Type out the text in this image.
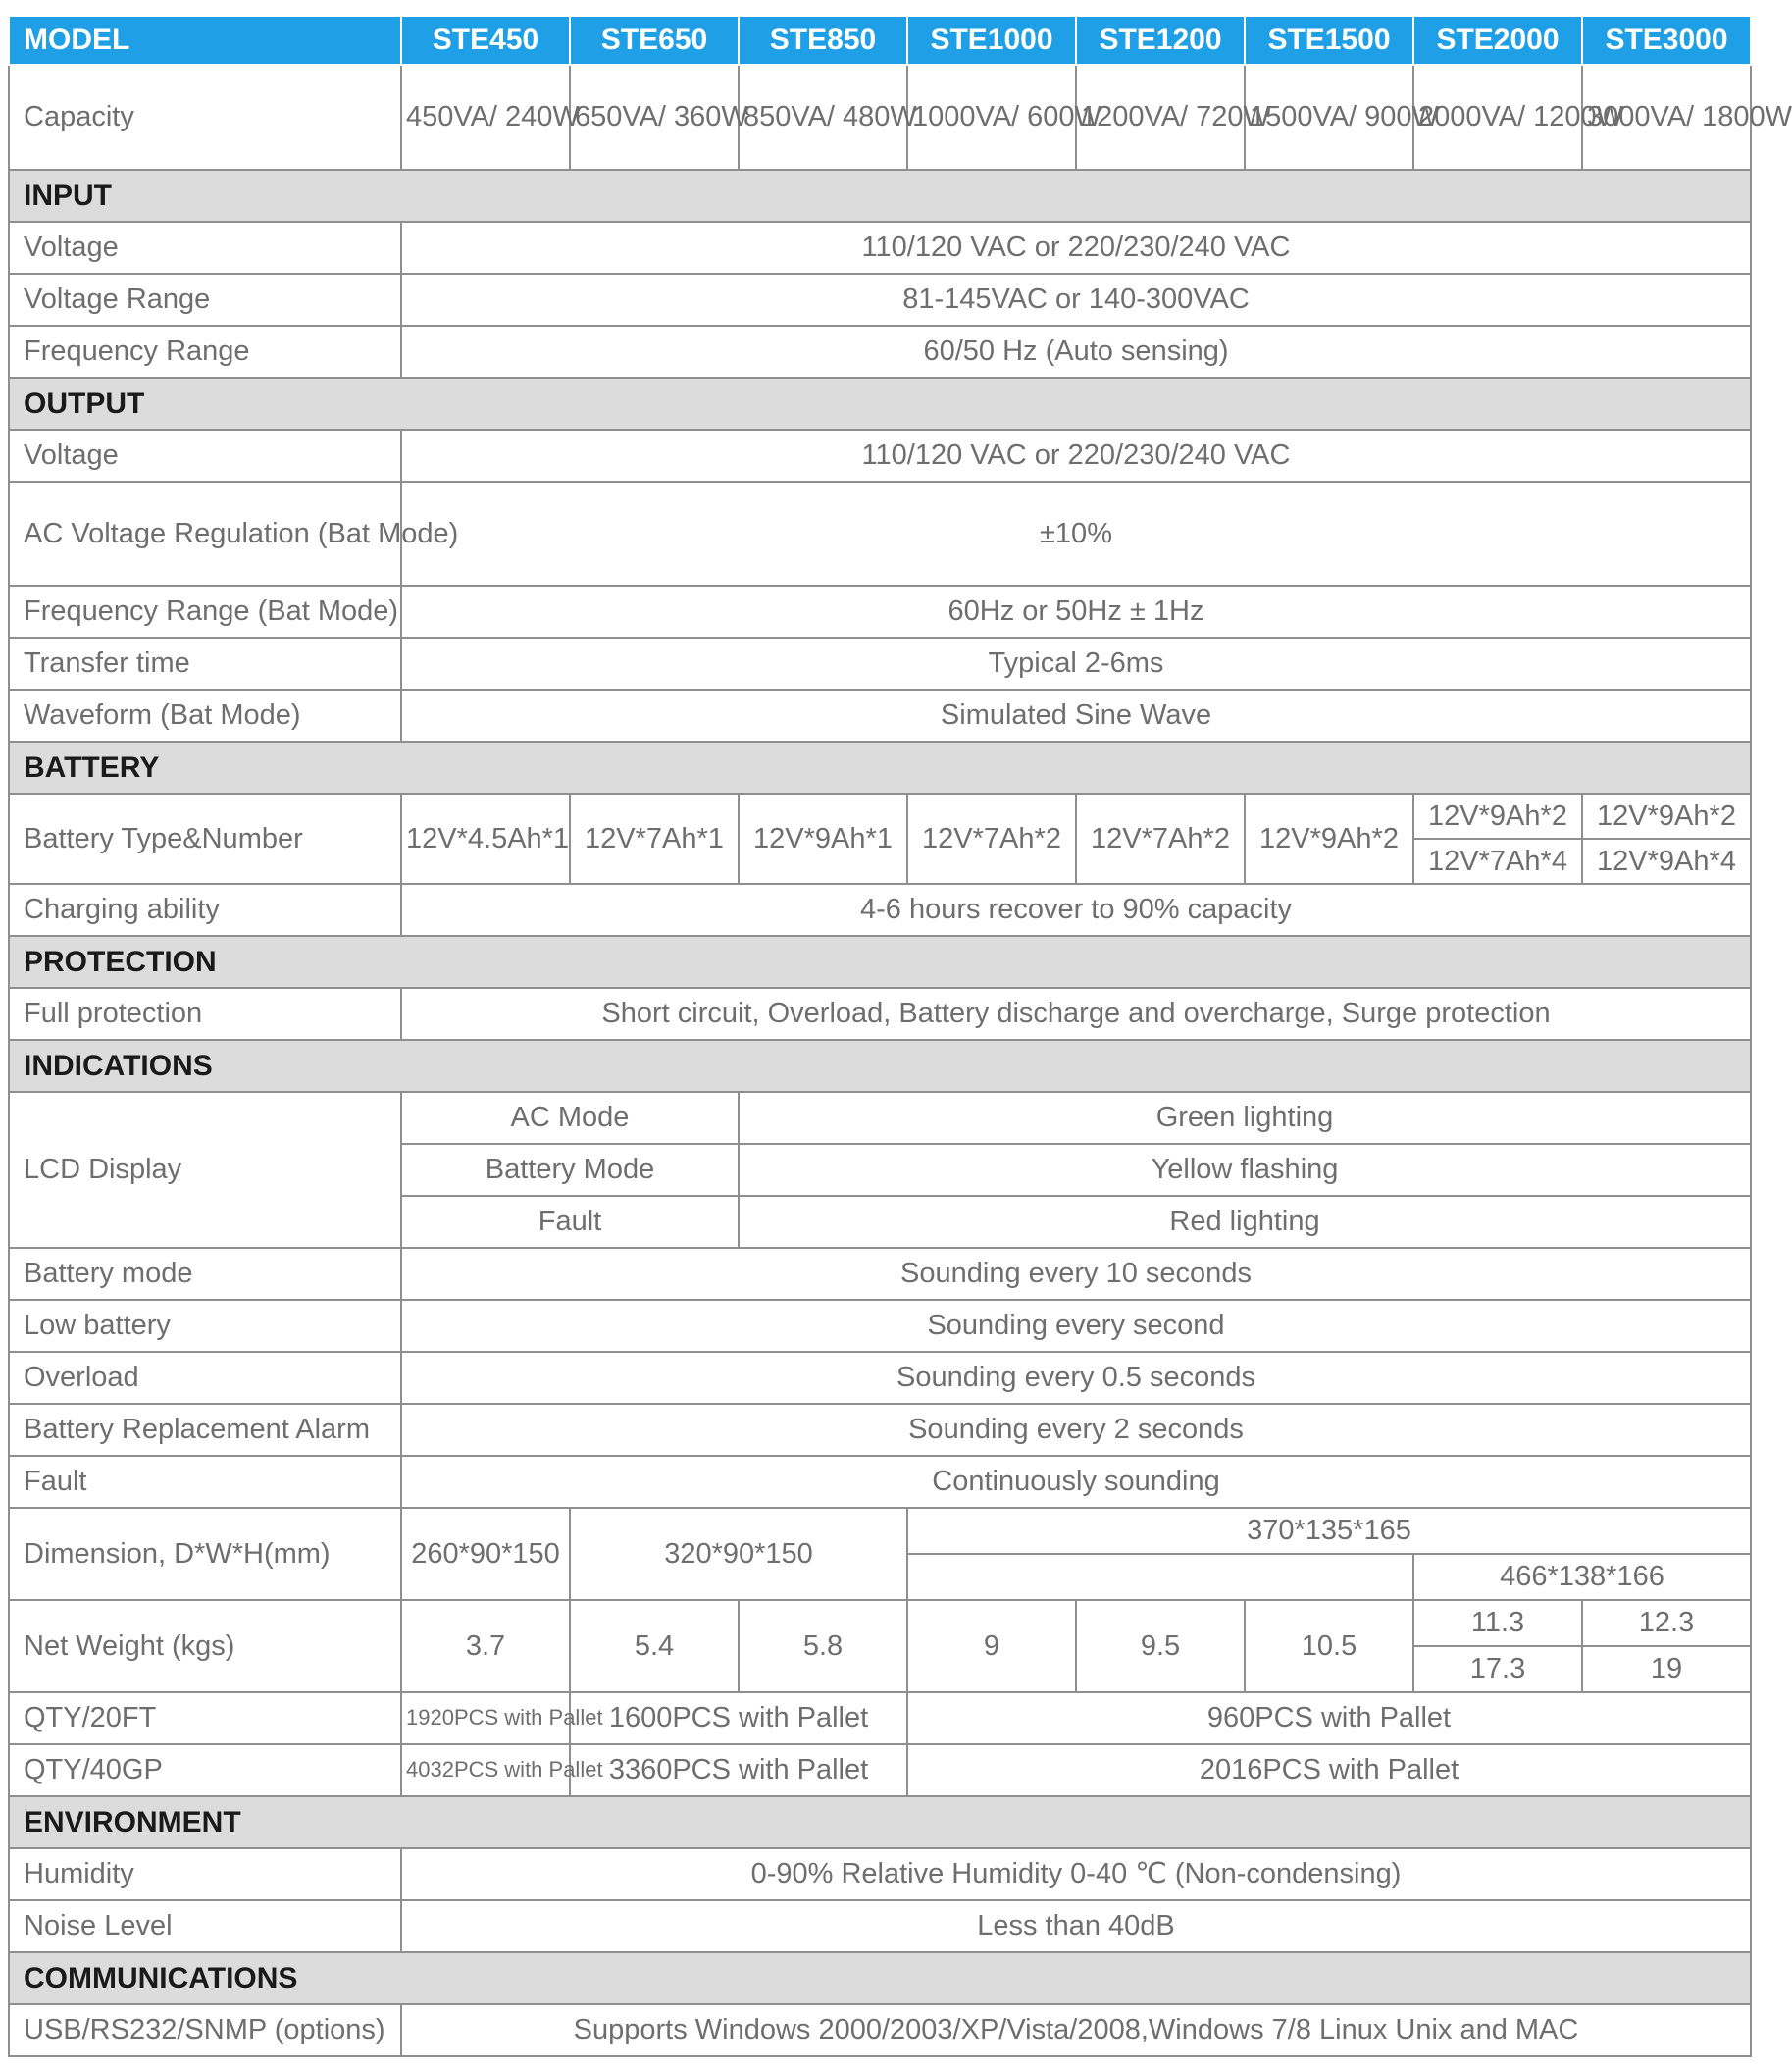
MODEL	STE450	STE650	STE850	STE1000	STE1200	STE1500	STE2000	STE3000
Capacity	450VA/ 240W	650VA/ 360W	850VA/ 480W	1000VA/ 600W	1200VA/ 720W	1500VA/ 900W	2000VA/ 1200W	3000VA/ 1800W
INPUT								
Voltage	110/120 VAC or 220/230/240 VAC							
Voltage Range	81-145VAC or 140-300VAC							
Frequency Range	60/50 Hz (Auto sensing)							
OUTPUT								
Voltage	110/120 VAC or 220/230/240 VAC							
AC Voltage Regulation (Bat Mode)	±10%							
Frequency Range (Bat Mode)	60Hz or 50Hz ± 1Hz							
Transfer time	Typical 2-6ms							
Waveform (Bat Mode)	Simulated Sine Wave							
BATTERY								
Battery Type&Number	12V*4.5Ah*1	12V*7Ah*1	12V*9Ah*1	12V*7Ah*2	12V*7Ah*2	12V*9Ah*2	12V*9Ah*2	12V*9Ah*2
							12V*7Ah*4	12V*9Ah*4
Charging ability	4-6 hours recover to 90% capacity							
PROTECTION								
Full protection	Short circuit, Overload, Battery discharge and overcharge, Surge protection							
INDICATIONS								
LCD Display	AC Mode		Green lighting					
	Battery Mode		Yellow flashing					
	Fault		Red lighting					
Battery mode	Sounding every 10 seconds							
Low battery	Sounding every second							
Overload	Sounding every 0.5 seconds							
Battery Replacement Alarm	Sounding every 2 seconds							
Fault	Continuously sounding							
Dimension, D*W*H(mm)	260*90*150	320*90*150		370*135*165				
							466*138*166	
Net Weight (kgs)	3.7	5.4	5.8	9	9.5	10.5	11.3	12.3
							17.3	19
QTY/20FT	1920PCS with Pallet	1600PCS with Pallet		960PCS with Pallet				
QTY/40GP	4032PCS with Pallet	3360PCS with Pallet		2016PCS with Pallet				
ENVIRONMENT								
Humidity	0-90% Relative Humidity 0-40 ℃ (Non-condensing)							
Noise Level	Less than 40dB							
COMMUNICATIONS								
USB/RS232/SNMP (options)	Supports Windows 2000/2003/XP/Vista/2008,Windows 7/8 Linux Unix and MAC							
